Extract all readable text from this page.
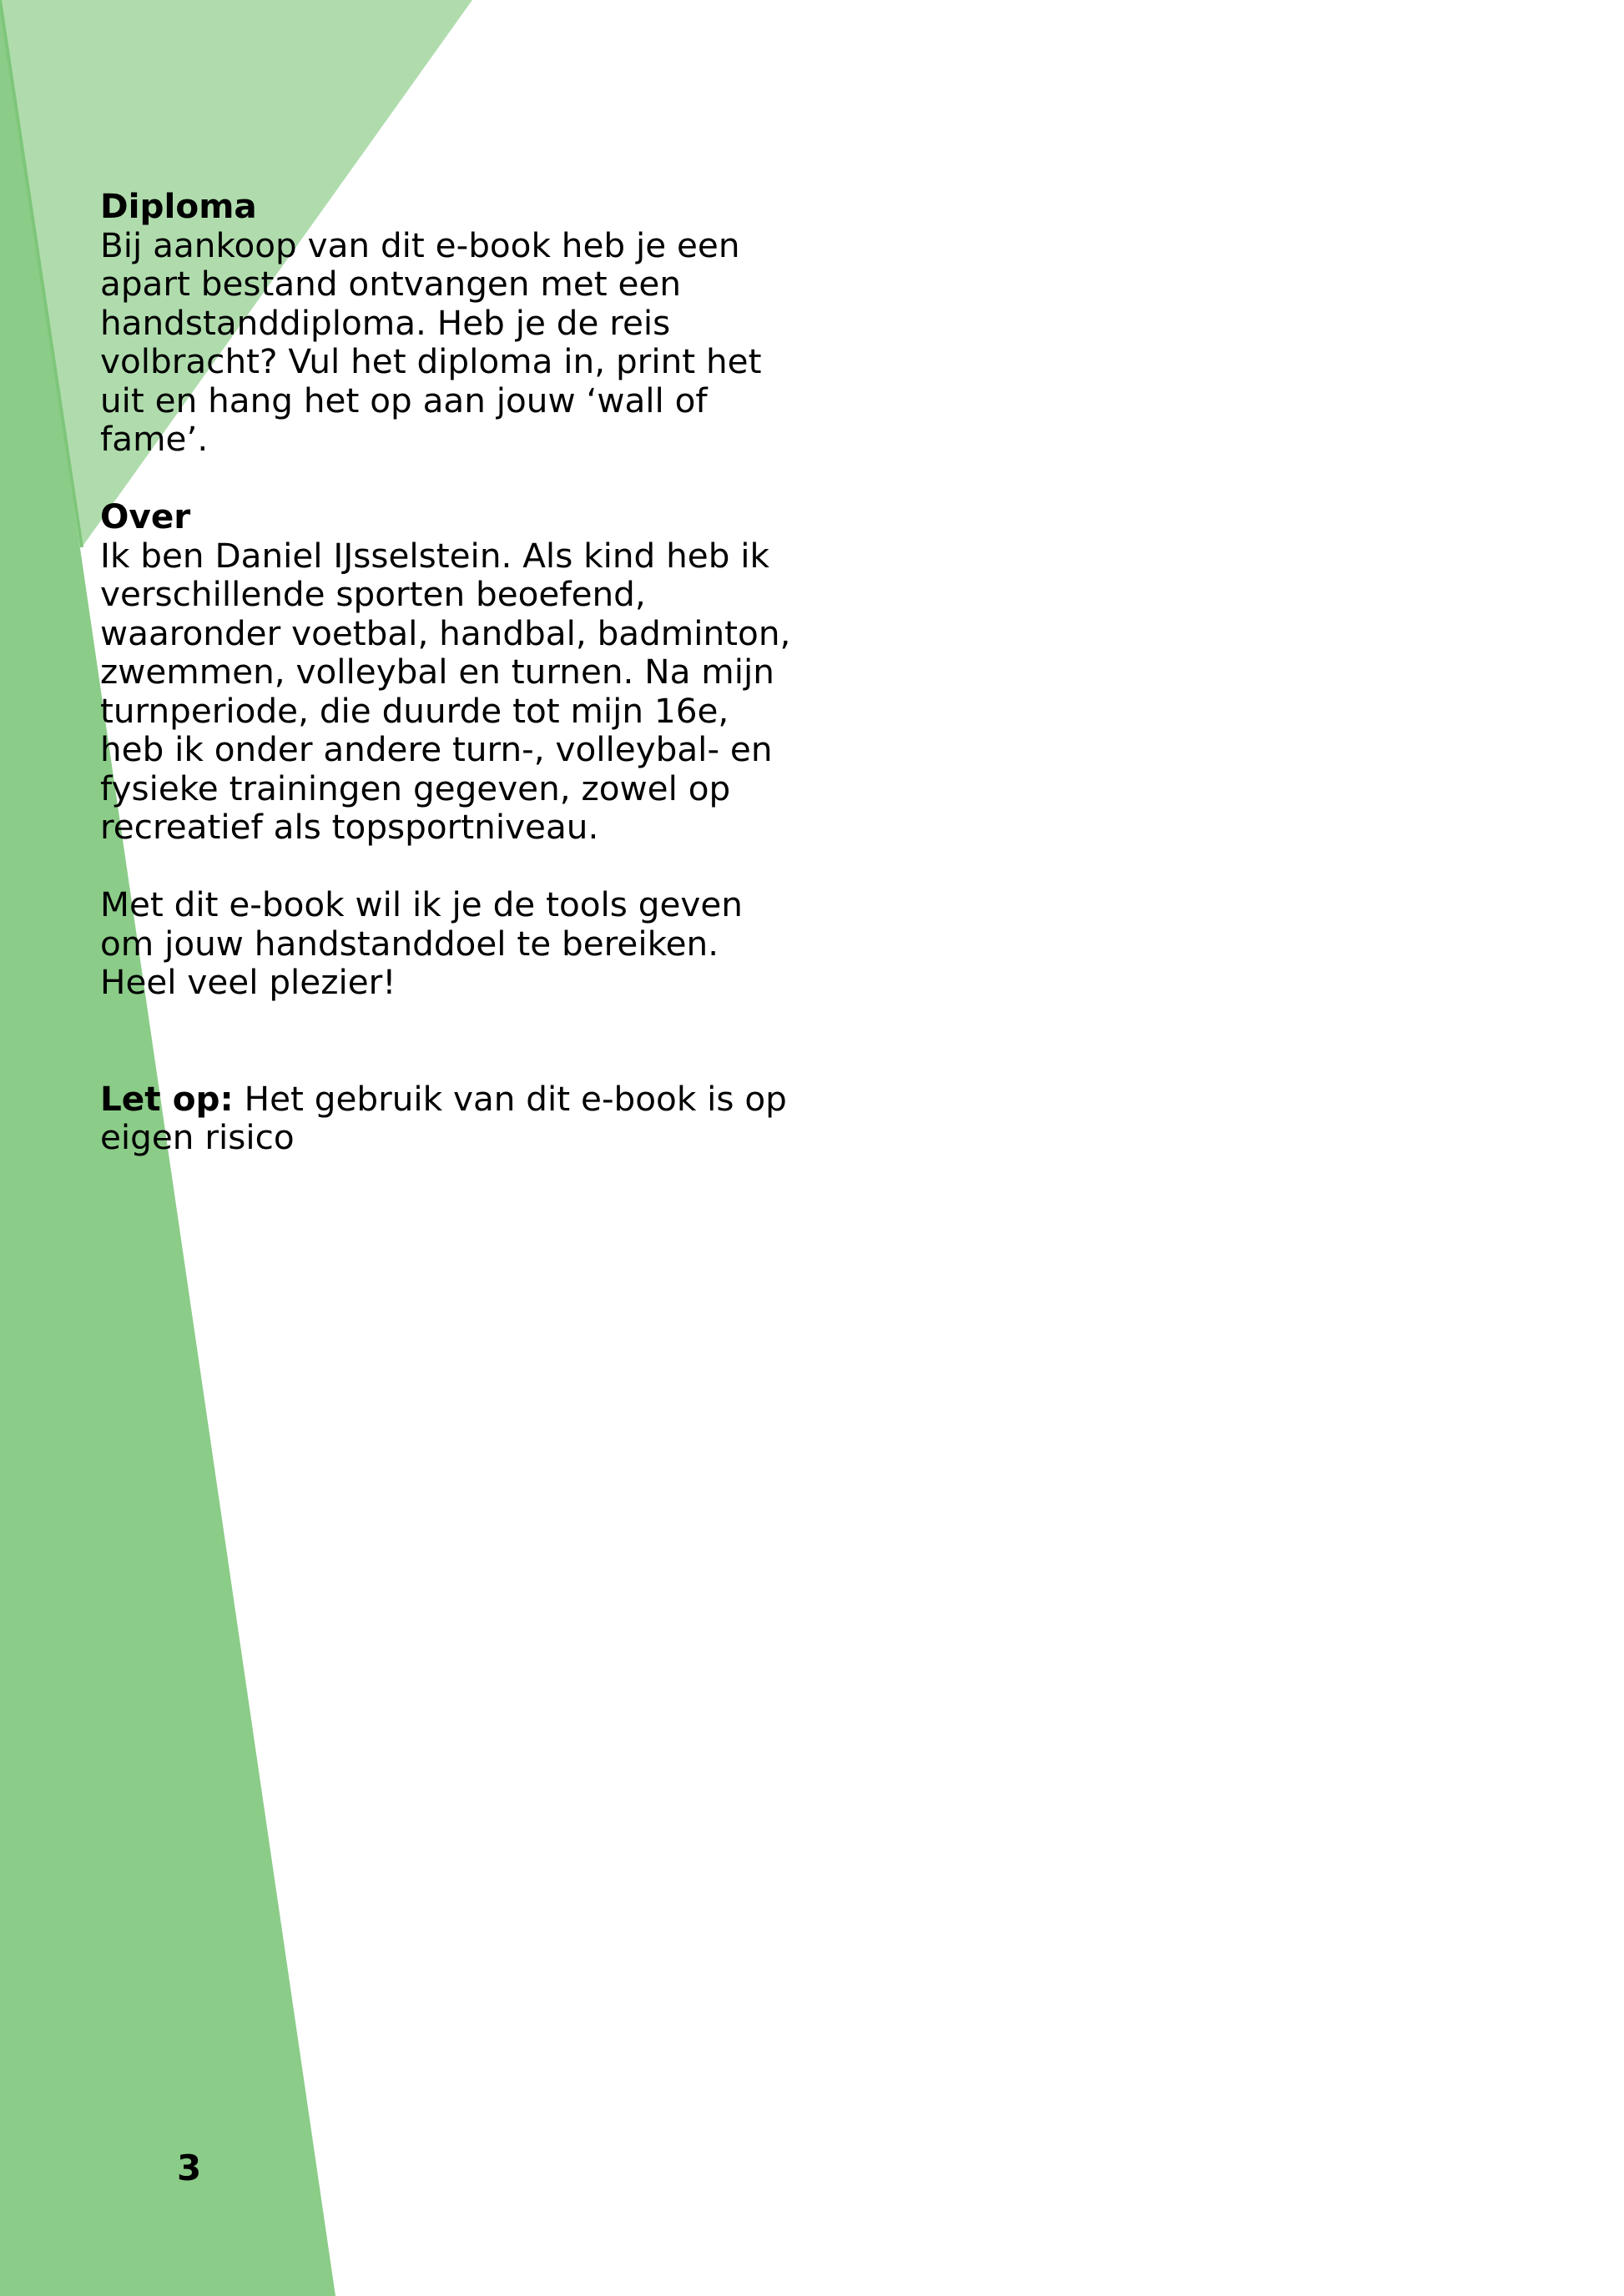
Diploma

Bij aankoop van dit e-book heb je een

apart bestand ontvangen met een

handstanddiploma. Heb je de reis

volbracht? Vul het diploma in, print het

uit en hang het op aan jouw ‘wall of

fame’.

Over

Ik ben Daniel IJsselstein. Als kind heb ik

verschillende sporten beoefend,

waaronder voetbal, handbal, badminton,

zwemmen, volleybal en turnen. Na mijn

turnperiode, die duurde tot mijn 16e,

heb ik onder andere turn-, volleybal- en

fysieke trainingen gegeven, zowel op

recreatief als topsportniveau.

Met dit e-book wil ik je de tools geven

om jouw handstanddoel te bereiken.

Heel veel plezier!

Let op: Het gebruik van dit e-book is op

eigen risico

3
